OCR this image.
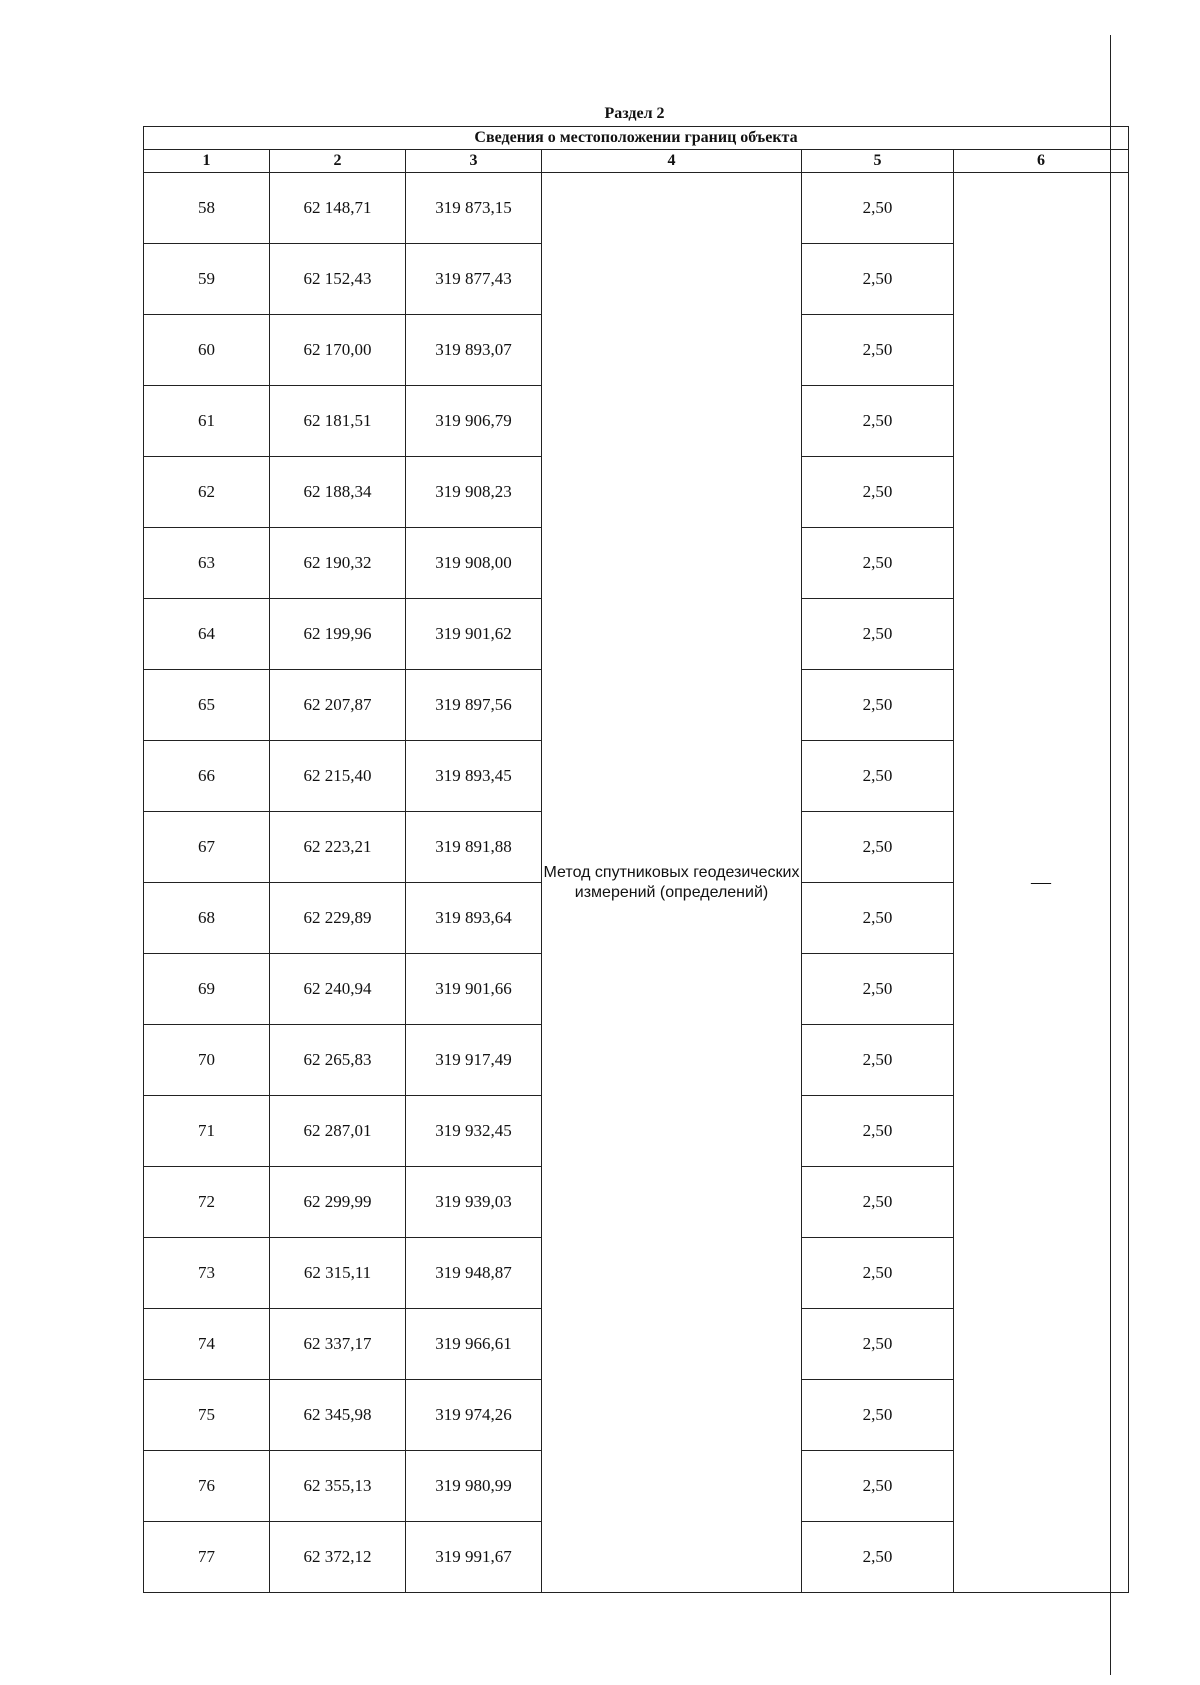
Раздел 2
Сведения о местоположении границ объекта					
1	2	3	4	5	6
58	62 148,71	319 873,15	Метод спутниковых геодезических измерений (определений)	2,50	—
59	62 152,43	319 877,43		2,50	
60	62 170,00	319 893,07		2,50	
61	62 181,51	319 906,79		2,50	
62	62 188,34	319 908,23		2,50	
63	62 190,32	319 908,00		2,50	
64	62 199,96	319 901,62		2,50	
65	62 207,87	319 897,56		2,50	
66	62 215,40	319 893,45		2,50	
67	62 223,21	319 891,88		2,50	
68	62 229,89	319 893,64		2,50	
69	62 240,94	319 901,66		2,50	
70	62 265,83	319 917,49		2,50	
71	62 287,01	319 932,45		2,50	
72	62 299,99	319 939,03		2,50	
73	62 315,11	319 948,87		2,50	
74	62 337,17	319 966,61		2,50	
75	62 345,98	319 974,26		2,50	
76	62 355,13	319 980,99		2,50	
77	62 372,12	319 991,67		2,50	
